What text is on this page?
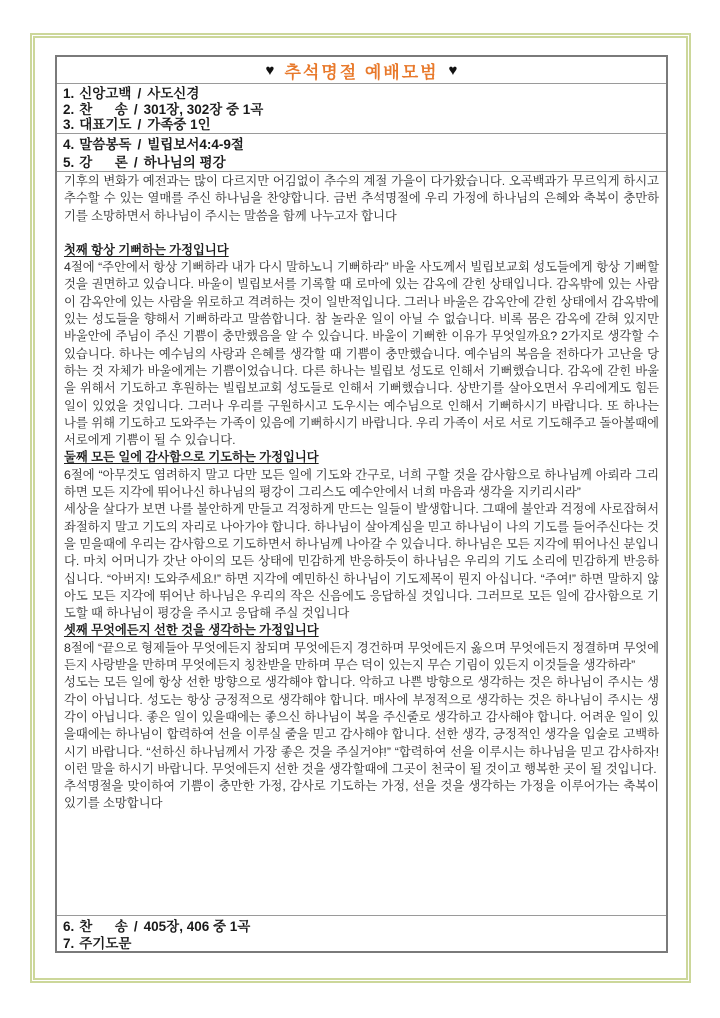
♥ 추석명절 예배모범 ♥
1. 신앙고백 / 사도신경
2. 찬      송 / 301장, 302장 중 1곡
3. 대표기도 / 가족중 1인
4. 말씀봉독 / 빌립보서4:4-9절
5. 강      론 / 하나님의 평강

기후의 변화가 예전과는 많이 다르지만 어김없이 추수의 계절 가을이 다가왔습니다. 오곡백과가 무르익게 하시고 추수할 수 있는 열매를 주신 하나님을 찬양합니다. 금번 추석명절에 우리 가정에 하나님의 은혜와 축복이 충만하기를 소망하면서 하나님이 주시는 말씀을 함께 나누고자 합니다

첫째 항상 기뻐하는 가정입니다

4절에 “주안에서 항상 기뻐하라 내가 다시 말하노니 기뻐하라” 바울 사도께서 빌립보교회 성도들에게 항상 기뻐할 것을 권면하고 있습니다. 바울이 빌립보서를 기록할 때 로마에 있는 감옥에 갇힌 상태입니다. 감옥밖에 있는 사람이 감옥안에 있는 사람을 위로하고 격려하는 것이 일반적입니다. 그러나 바울은 감옥안에 갇힌 상태에서 감옥밖에 있는 성도들을 향해서 기뻐하라고 말씀합니다. 참 놀라운 일이 아닐 수 없습니다. 비록 몸은 감옥에 갇혀 있지만 바울안에 주님이 주신 기쁨이 충만했음을 알 수 있습니다. 바울이 기뻐한 이유가 무엇일까요? 2가지로 생각할 수 있습니다. 하나는 예수님의 사랑과 은혜를 생각할 때 기쁨이 충만했습니다. 예수님의 복음을 전하다가 고난을 당하는 것 자체가 바울에게는 기쁨이었습니다. 다른 하나는 빌립보 성도로 인해서 기뻐했습니다. 감옥에 갇힌 바울을 위해서 기도하고 후원하는 빌립보교회 성도들로 인해서 기뻐했습니다. 상반기를 살아오면서 우리에게도 힘든 일이 있었을 것입니다. 그러나 우리를 구원하시고 도우시는 예수님으로 인해서 기뻐하시기 바랍니다. 또 하나는 나를 위해 기도하고 도와주는 가족이 있음에 기뻐하시기 바랍니다. 우리 가족이 서로 서로 기도해주고 돌아볼때에 서로에게 기쁨이 될 수 있습니다.

둘째 모든 일에 감사함으로 기도하는 가정입니다

6절에 “아무것도 염려하지 말고 다만 모든 일에 기도와 간구로, 너희 구할 것을 감사함으로 하나님께 아뢰라 그리하면 모든 지각에 뛰어나신 하나님의 평강이 그리스도 예수안에서 너희 마음과 생각을 지키리시라”

세상을 살다가 보면 나를 불안하게 만들고 걱정하게 만드는 일들이 발생합니다. 그때에 불안과 걱정에 사로잡혀서 좌절하지 말고 기도의 자리로 나아가야 합니다. 하나님이 살아계심을 믿고 하나님이 나의 기도를 들어주신다는 것을 믿을때에 우리는 감사함으로 기도하면서 하나님께 나아갈 수 있습니다. 하나님은 모든 지각에 뛰어나신 분입니다. 마치 어머니가 갓난 아이의 모든 상태에 민감하게 반응하듯이 하나님은 우리의 기도 소리에 민감하게 반응하십니다. “아버지! 도와주세요!” 하면 지각에 예민하신 하나님이 기도제목이 뭔지 아십니다. “주여!” 하면 말하지 않아도 모든 지각에 뛰어난 하나님은 우리의 작은 신음에도 응답하실 것입니다. 그러므로 모든 일에 감사함으로 기도할 때 하나님이 평강을 주시고 응답해 주실 것입니다

셋째 무엇에든지 선한 것을 생각하는 가정입니다

8절에 “끝으로 형제들아 무엇에든지 참되며 무엇에든지 경건하며 무엇에든지 옳으며 무엇에든지 정결하며 무엇에든지 사랑받을 만하며 무엇에든지 칭찬받을 만하며 무슨 덕이 있는지 무슨 기림이 있든지 이것들을 생각하라”

성도는 모든 일에 항상 선한 방향으로 생각해야 합니다. 악하고 나쁜 방향으로 생각하는 것은 하나님이 주시는 생각이 아닙니다. 성도는 항상 긍정적으로 생각해야 합니다. 매사에 부정적으로 생각하는 것은 하나님이 주시는 생각이 아닙니다. 좋은 일이 있을때에는 좋으신 하나님이 복을 주신줄로 생각하고 감사해야 합니다. 어려운 일이 있을때에는 하나님이 합력하여 선을 이루실 줄을 믿고 감사해야 합니다. 선한 생각, 긍정적인 생각을 입술로 고백하시기 바랍니다. “선하신 하나님께서 가장 좋은 것을 주실거야!” “합력하여 선을 이루시는 하나님을 믿고 감사하자! 이런 말을 하시기 바랍니다. 무엇에든지 선한 것을 생각할때에 그곳이 천국이 될 것이고 행복한 곳이 될 것입니다.

추석명절을 맞이하여 기쁨이 충만한 가정, 감사로 기도하는 가정, 선을 것을 생각하는 가정을 이루어가는 축복이 있기를 소망합니다

6. 찬      송 / 405장, 406 중 1곡
7. 주기도문
